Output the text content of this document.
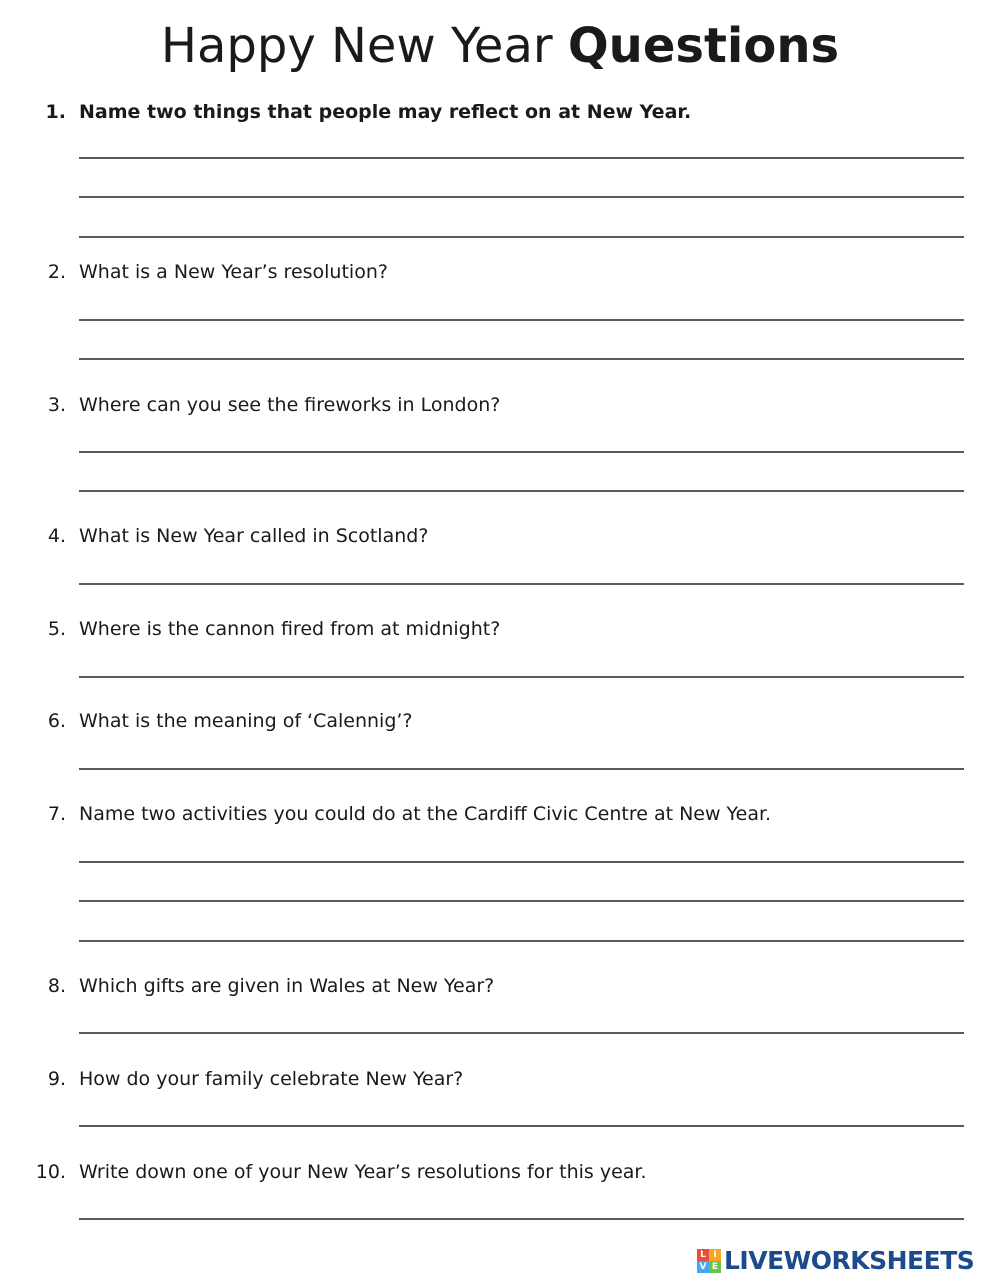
Happy New Year Questions
1. Name two things that people may reflect on at New Year.
2. What is a New Year’s resolution?
3. Where can you see the fireworks in London?
4. What is New Year called in Scotland?
5. Where is the cannon fired from at midnight?
6. What is the meaning of ‘Calennig’?
7. Name two activities you could do at the Cardiff Civic Centre at New Year.
8. Which gifts are given in Wales at New Year?
9. How do your family celebrate New Year?
10. Write down one of your New Year’s resolutions for this year.
L I
V E LIVEWORKSHEETS
